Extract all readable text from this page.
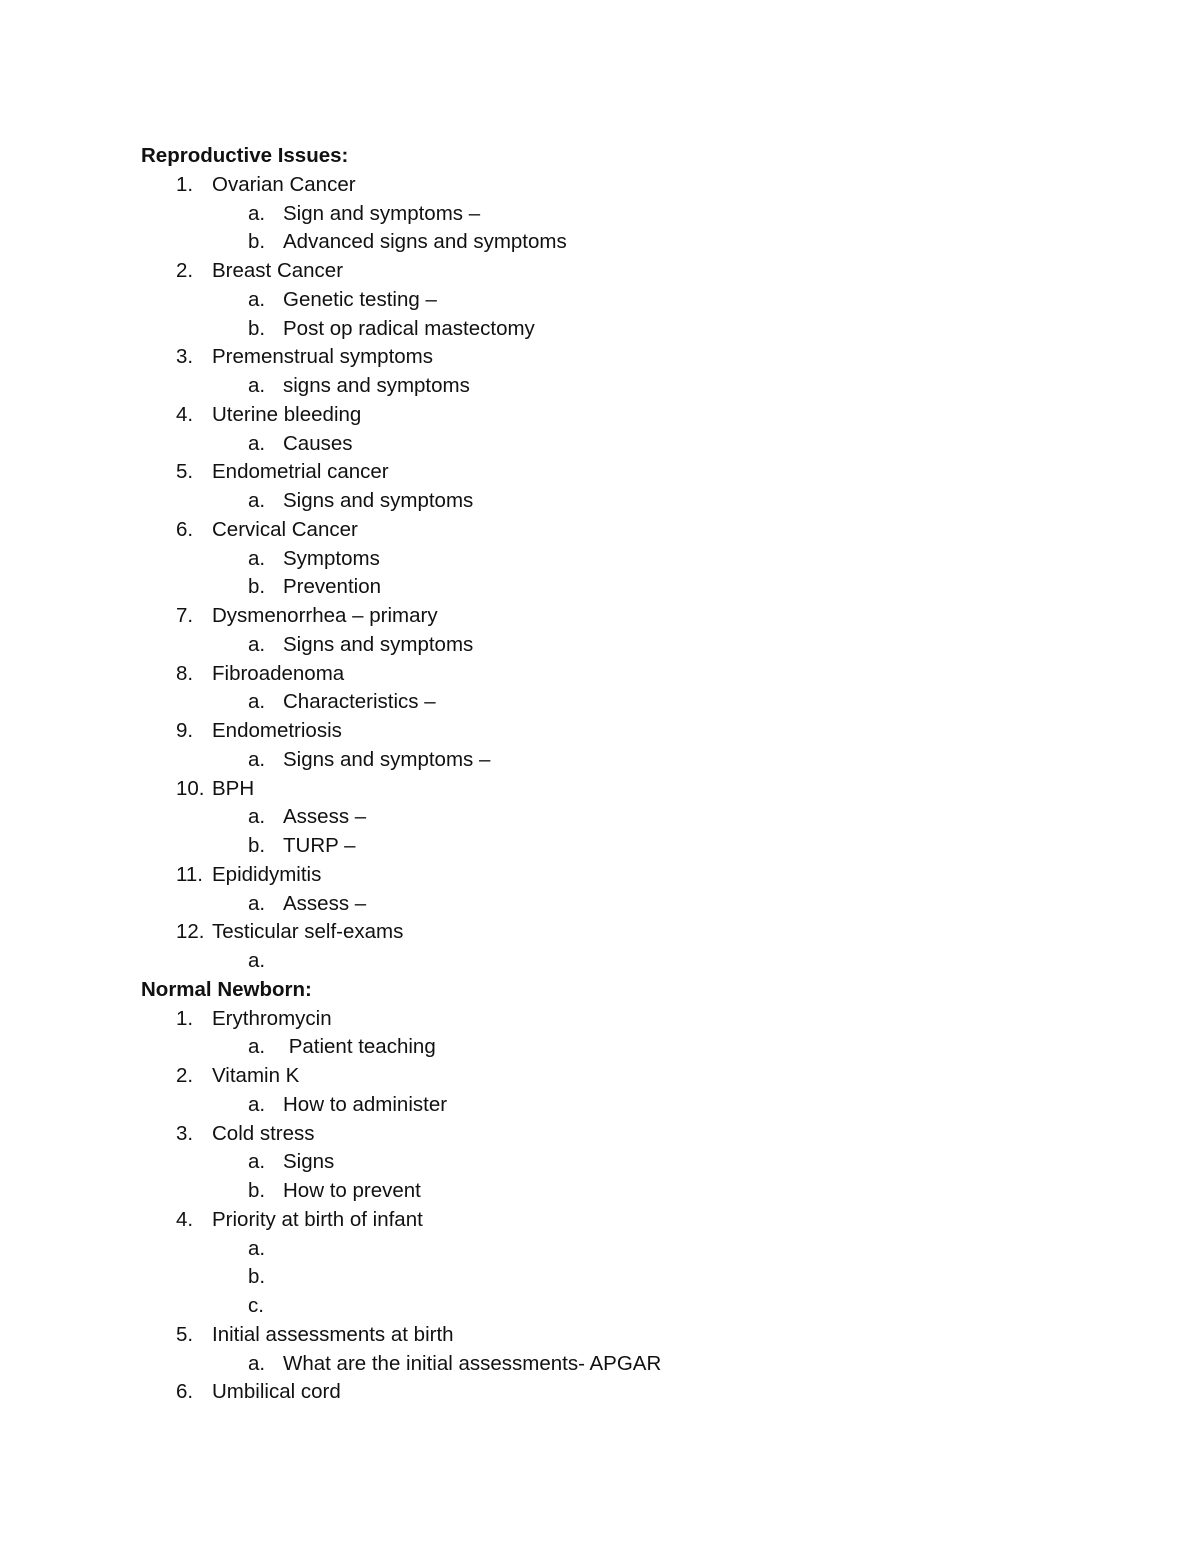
Reproductive Issues:
1. Ovarian Cancer
a. Sign and symptoms –
b. Advanced signs and symptoms
2. Breast Cancer
a. Genetic testing –
b. Post op radical mastectomy
3. Premenstrual symptoms
a. signs and symptoms
4. Uterine bleeding
a. Causes
5. Endometrial cancer
a. Signs and symptoms
6. Cervical Cancer
a. Symptoms
b. Prevention
7. Dysmenorrhea – primary
a. Signs and symptoms
8. Fibroadenoma
a. Characteristics –
9. Endometriosis
a. Signs and symptoms –
10. BPH
a. Assess –
b. TURP –
11. Epididymitis
a. Assess –
12. Testicular self-exams
a.
Normal Newborn:
1. Erythromycin
a. Patient teaching
2. Vitamin K
a. How to administer
3. Cold stress
a. Signs
b. How to prevent
4. Priority at birth of infant
a.
b.
c.
5. Initial assessments at birth
a. What are the initial assessments- APGAR
6. Umbilical cord
